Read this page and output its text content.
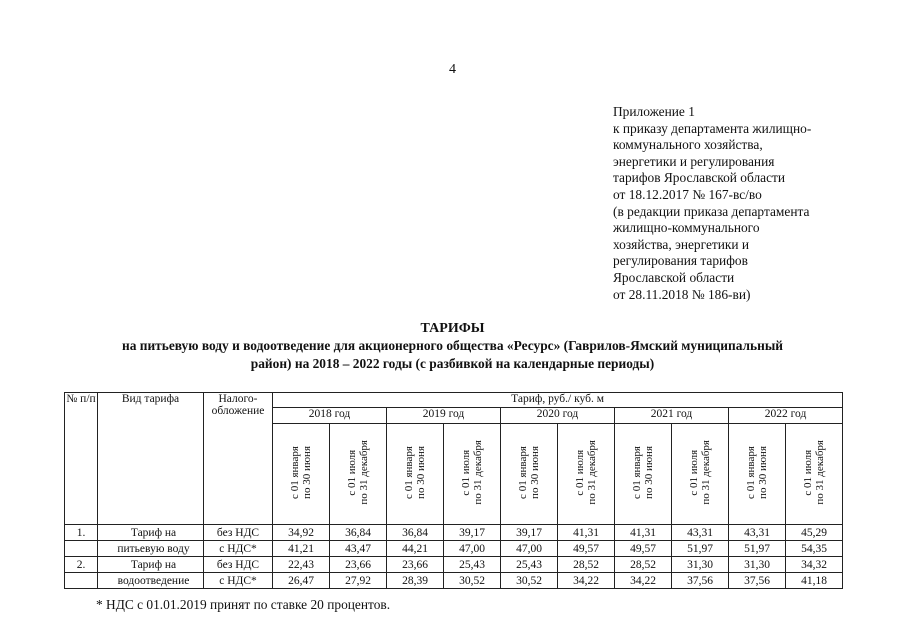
4
Приложение 1
к приказу департамента жилищно-
коммунального хозяйства,
энергетики и регулирования
тарифов Ярославской области
от 18.12.2017 № 167-вс/во
(в редакции приказа департамента
жилищно-коммунального
хозяйства, энергетики и
регулирования тарифов
Ярославской области
от 28.11.2018 № 186-ви)
ТАРИФЫ
на питьевую воду и водоотведение для акционерного общества «Ресурс» (Гаврилов-Ямский муниципальный
район) на 2018 – 2022 годы (с разбивкой на календарные периоды)
№ п/п	Вид тарифа	Налого-обложение	Тариф, руб./ куб. м									
			2018 год		2019 год		2020 год		2021 год		2022 год	

			с 01 января по 30 июня	с 01 июля по 31 декабря	с 01 января по 30 июня	с 01 июля по 31 декабря	с 01 января по 30 июня	с 01 июля по 31 декабря	с 01 января по 30 июня	с 01 июля по 31 декабря	с 01 января по 30 июня	с 01 июля по 31 декабря

1.	Тариф на	без НДС	34,92	36,84	36,84	39,17	39,17	41,31	41,31	43,31	43,31	45,29
	питьевую воду	с НДС*	41,21	43,47	44,21	47,00	47,00	49,57	49,57	51,97	51,97	54,35
2.	Тариф на	без НДС	22,43	23,66	23,66	25,43	25,43	28,52	28,52	31,30	31,30	34,32
	водоотведение	с НДС*	26,47	27,92	28,39	30,52	30,52	34,22	34,22	37,56	37,56	41,18
* НДС с 01.01.2019 принят по ставке 20 процентов.
